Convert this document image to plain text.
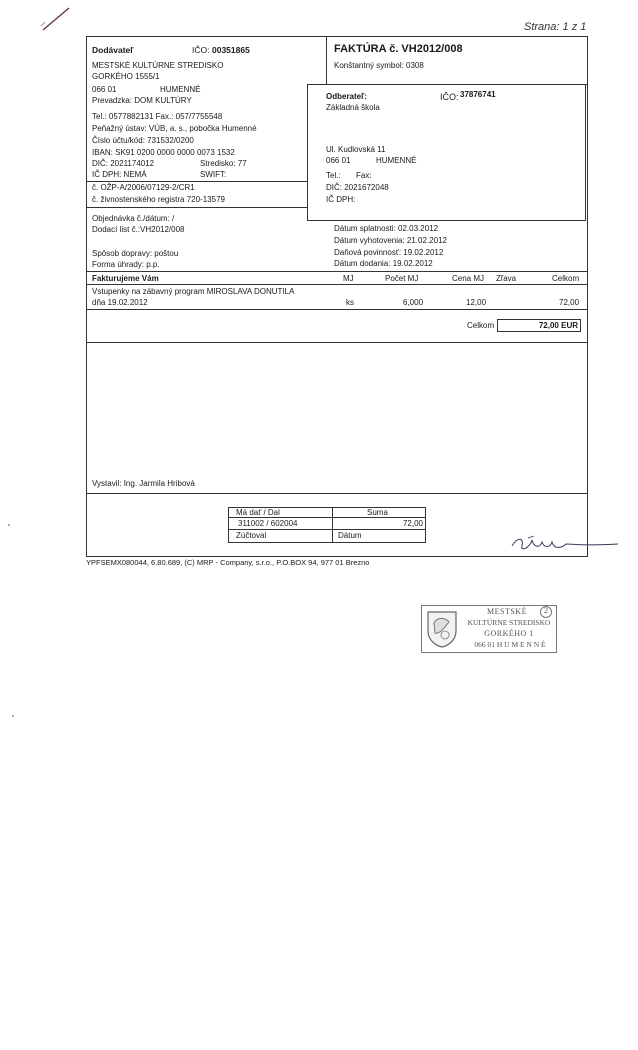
Strana: 1 z 1
Dodávateľ	IČO: 00351865
MESTSKÉ KULTÚRNE STREDISKO
GORKÉHO 1555/1
066 01	HUMENNÉ
Prevadzka: DOM KULTÚRY
Tel.: 0577882131 Fax.: 057/7755548
Peňažný ústav: VÚB, a. s., pobočka Humenné
Číslo účtu/kód: 731532/0200
IBAN: SK91 0200 0000 0000 0073 1532
DIČ: 2021174012	Stredisko: 77
IČ DPH: NEMÁ	SWIFT:
č. OŽP-A/2006/07129-2/CR1
č. živnostenského registra 720-13579
FAKTÚRA č. VH2012/008
Konštantný symbol: 0308
Odberateľ:	IČO: 37876741
Základná škola
Ul. Kudlovská 11
066 01	HUMENNÉ
Tel.: Fax:
DIČ: 2021672048
IČ DPH:
Objednávka č./dátum: /
Dodací list č.:VH2012/008
Spôsob dopravy: poštou
Forma úhrady: p.p.
Dátum splatnosti: 02.03.2012
Dátum vyhotovenia: 21.02.2012
Daňová povinnosť: 19.02.2012
Dátum dodania: 19.02.2012
Fakturujeme Vám	MJ	Počet MJ	Cena MJ Zľava	Celkom
Vstupenky na zábavný program MIROSLAVA DONUTILA
dňa 19.02.2012	ks	6,000	12,00	72,00
Celkom	72,00 EUR
Vystavil: Ing. Jarmila Hribová
Má dať / Dal	Suma
311002 / 602004	72,00
Zúčtoval	Dátum
YPFSEMX080044, 6.80.689, (C) MRP - Company, s.r.o., P.O.BOX 94, 977 01 Brezno
MESTSKÉ
KULTÚRNE STREDISKO
GORKÉHO 1
066 01 H U M E N N É
2
